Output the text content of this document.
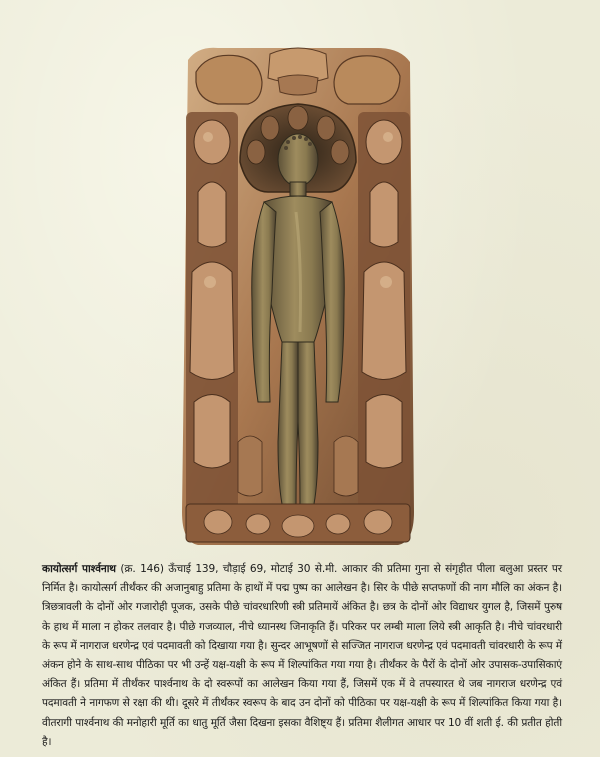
कायोत्सर्ग पार्श्वनाथ (क्र. 146) ऊँचाई 139, चौड़ाई 69, मोटाई 30 से.मी. आकार की प्रतिमा गुना से संगृहीत पीला बलुआ प्रस्तर पर निर्मित है। कायोत्सर्ग तीर्थंकर की अजानुबाहु प्रतिमा के हाथों में पद्म पुष्प का आलेखन है। सिर के पीछे सप्तफणों की नाग मौलि का अंकन है। त्रिछत्रावली के दोनों ओर गजारोही पूजक, उसके पीछे चांवरधारिणी स्त्री प्रतिमायें अंकित है। छत्र के दोनों ओर विद्याधर युगल है, जिसमें पुरुष के हाथ में माला न होकर तलवार है। पीछे गजव्याल, नीचे ध्यानस्थ जिनाकृति हैं। परिकर पर लम्बी माला लिये स्त्री आकृति है। नीचे चांवरधारी के रूप में नागराज धरणेन्द्र एवं पदमावती को दिखाया गया है। सुन्दर आभूषणों से सज्जित नागराज धरणेन्द्र एवं पदमावती चांवरधारी के रूप में अंकन होने के साथ-साथ पीठिका पर भी उन्हें यक्ष-यक्षी के रूप में शिल्पांकित गया गया है। तीर्थंकर के पैरों के दोनों ओर उपासक-उपासिकाएं अंकित हैं। प्रतिमा में तीर्थंकर पार्श्वनाथ के दो स्वरूपों का आलेखन किया गया हैं, जिसमें एक में वे तपस्यारत थे जब नागराज धरणेन्द्र एवं पदमावती ने नागफण से रक्षा की थी। दूसरे में तीर्थंकर स्वरूप के बाद उन दोनों को पीठिका पर यक्ष-यक्षी के रूप में शिल्पांकित किया गया है। वीतरागी पार्श्वनाथ की मनोहारी मूर्ति का धातु मूर्ति जैसा दिखना इसका वैशिष्ट्य हैं। प्रतिमा शैलीगत आधार पर 10 वीं शती ई. की प्रतीत होती है।
